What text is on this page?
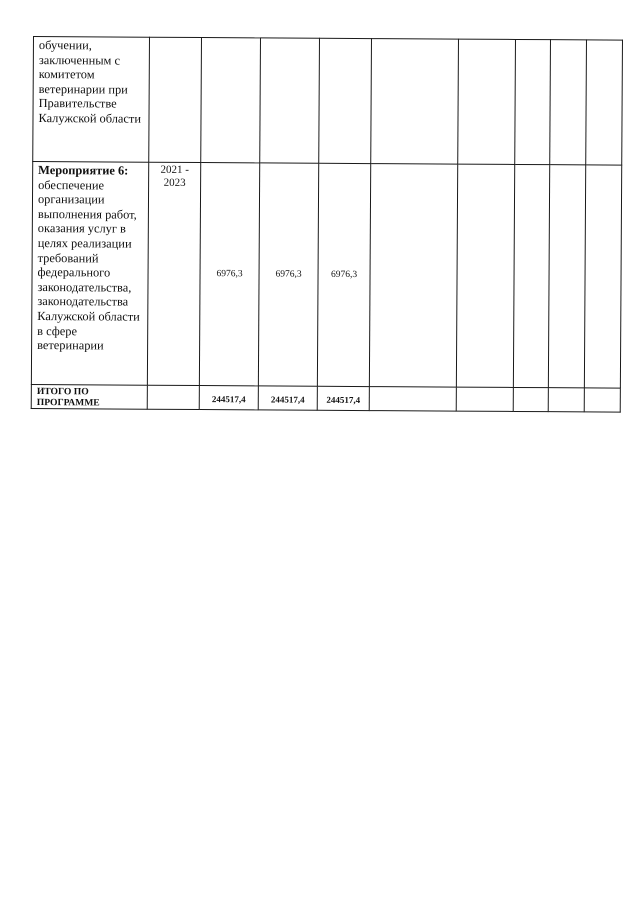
обучении, заключенным с комитетом ветеринарии при Правительстве Калужской области									

Мероприятие 6: обеспечение организации выполнения работ, оказания услуг в целях реализации требований федерального законодательства, законодательства Калужской области в сфере ветеринарии	2021 - 2023	6976,3	6976,3	6976,3					

ИТОГО ПО ПРОГРАММЕ		244517,4	244517,4	244517,4					
